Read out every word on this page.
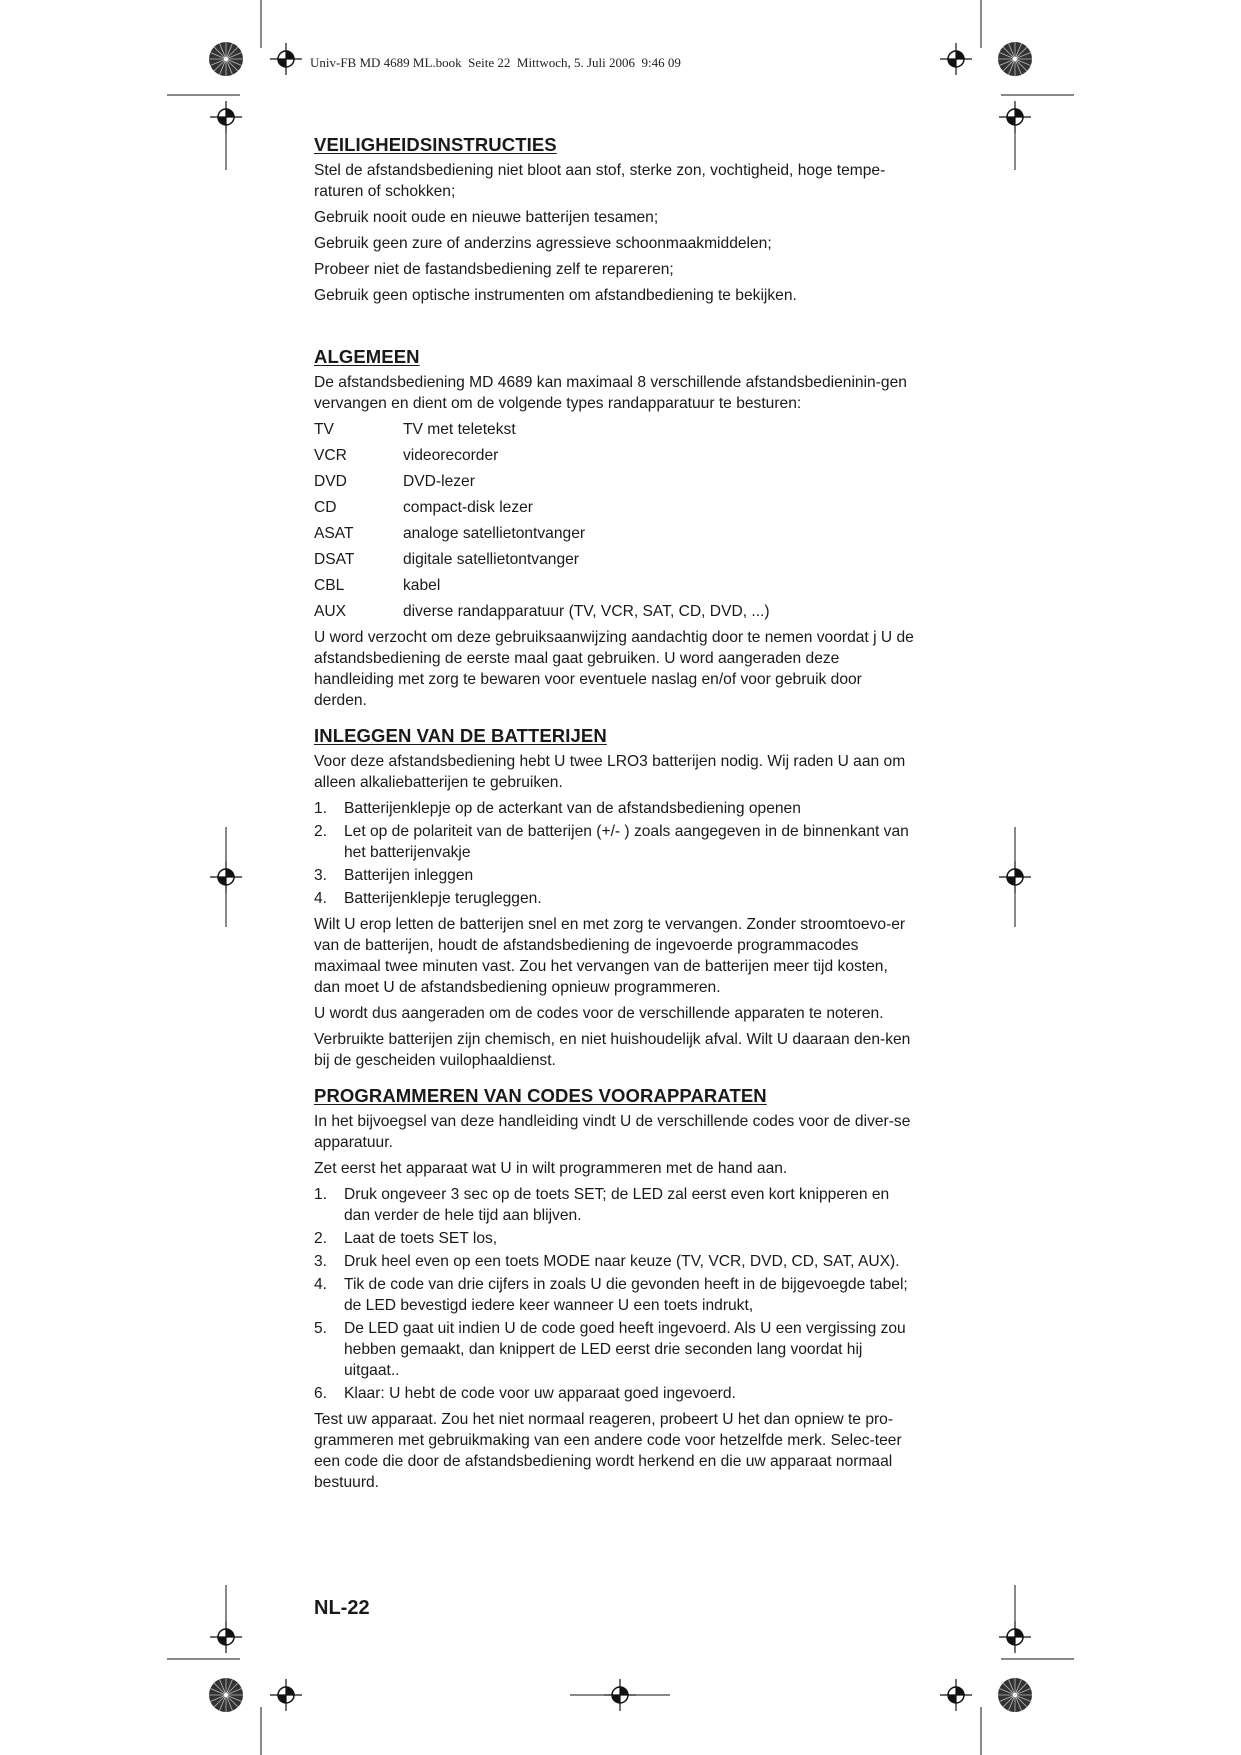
Univ-FB MD 4689 ML.book  Seite 22  Mittwoch, 5. Juli 2006  9:46 09
VEILIGHEIDSINSTRUCTIES

Stel de afstandsbediening niet bloot aan stof, sterke zon, vochtigheid, hoge tempe-raturen of schokken;

Gebruik nooit oude en nieuwe batterijen tesamen;

Gebruik geen zure of anderzins agressieve schoonmaakmiddelen;

Probeer niet de fastandsbediening zelf te repareren;

Gebruik geen optische instrumenten om afstandbediening te bekijken.

ALGEMEEN

De afstandsbediening MD 4689 kan maximaal 8 verschillende afstandsbedieninin-gen vervangen en dient om de volgende types randapparatuur te besturen:

TV	TV met teletekst
VCR	videorecorder
DVD	DVD-lezer
CD	compact-disk lezer
ASAT	analoge satellietontvanger
DSAT	digitale satellietontvanger
CBL	kabel
AUX	diverse randapparatuur (TV, VCR, SAT, CD, DVD, ...)

U word verzocht om deze gebruiksaanwijzing aandachtig door te nemen voordat j U de afstandsbediening de eerste maal gaat gebruiken. U word aangeraden deze handleiding met zorg te bewaren voor eventuele naslag en/of voor gebruik door derden.

INLEGGEN VAN DE BATTERIJEN

Voor deze afstandsbediening hebt U twee LRO3 batterijen nodig. Wij raden U aan om alleen alkaliebatterijen te gebruiken.

1.	Batterijenklepje op de acterkant van de afstandsbediening openen
2.	Let op de polariteit van de batterijen (+/- ) zoals aangegeven in de binnenkant van het batterijenvakje
3.	Batterijen inleggen
4.	Batterijenklepje terugleggen.

Wilt U erop letten de batterijen snel en met zorg te vervangen. Zonder stroomtoevo-er van de batterijen, houdt de afstandsbediening de ingevoerde programmacodes maximaal twee minuten vast. Zou het vervangen van de batterijen meer tijd kosten, dan moet U de afstandsbediening opnieuw programmeren.

U wordt dus aangeraden om de codes voor de verschillende apparaten te noteren.

Verbruikte batterijen zijn chemisch, en niet huishoudelijk afval. Wilt U daaraan den-ken bij de gescheiden vuilophaaldienst.

PROGRAMMEREN VAN CODES VOORAPPARATEN

In het bijvoegsel van deze handleiding vindt U de verschillende codes voor de diver-se apparatuur.

Zet eerst het apparaat wat U in wilt programmeren met de hand aan.

1.	Druk ongeveer 3 sec op de toets SET; de LED zal eerst even kort knipperen en dan verder de hele tijd aan blijven.
2.	Laat de toets SET los,
3.	Druk heel even op een toets MODE naar keuze (TV, VCR, DVD, CD, SAT, AUX).
4.	Tik de code van drie cijfers in zoals U die gevonden heeft in de bijgevoegde tabel; de LED bevestigd iedere keer wanneer U een toets indrukt,
5.	De LED gaat uit indien U de code goed heeft ingevoerd. Als U een vergissing zou hebben gemaakt, dan knippert de LED eerst drie seconden lang voordat hij uitgaat..
6.	Klaar: U hebt de code voor uw apparaat goed ingevoerd.

Test uw apparaat. Zou het niet normaal reageren, probeert U het dan opniew te pro-grammeren met gebruikmaking van een andere code voor hetzelfde merk. Selec-teer een code die door de afstandsbediening wordt herkend en die uw apparaat normaal bestuurd.

NL-22
